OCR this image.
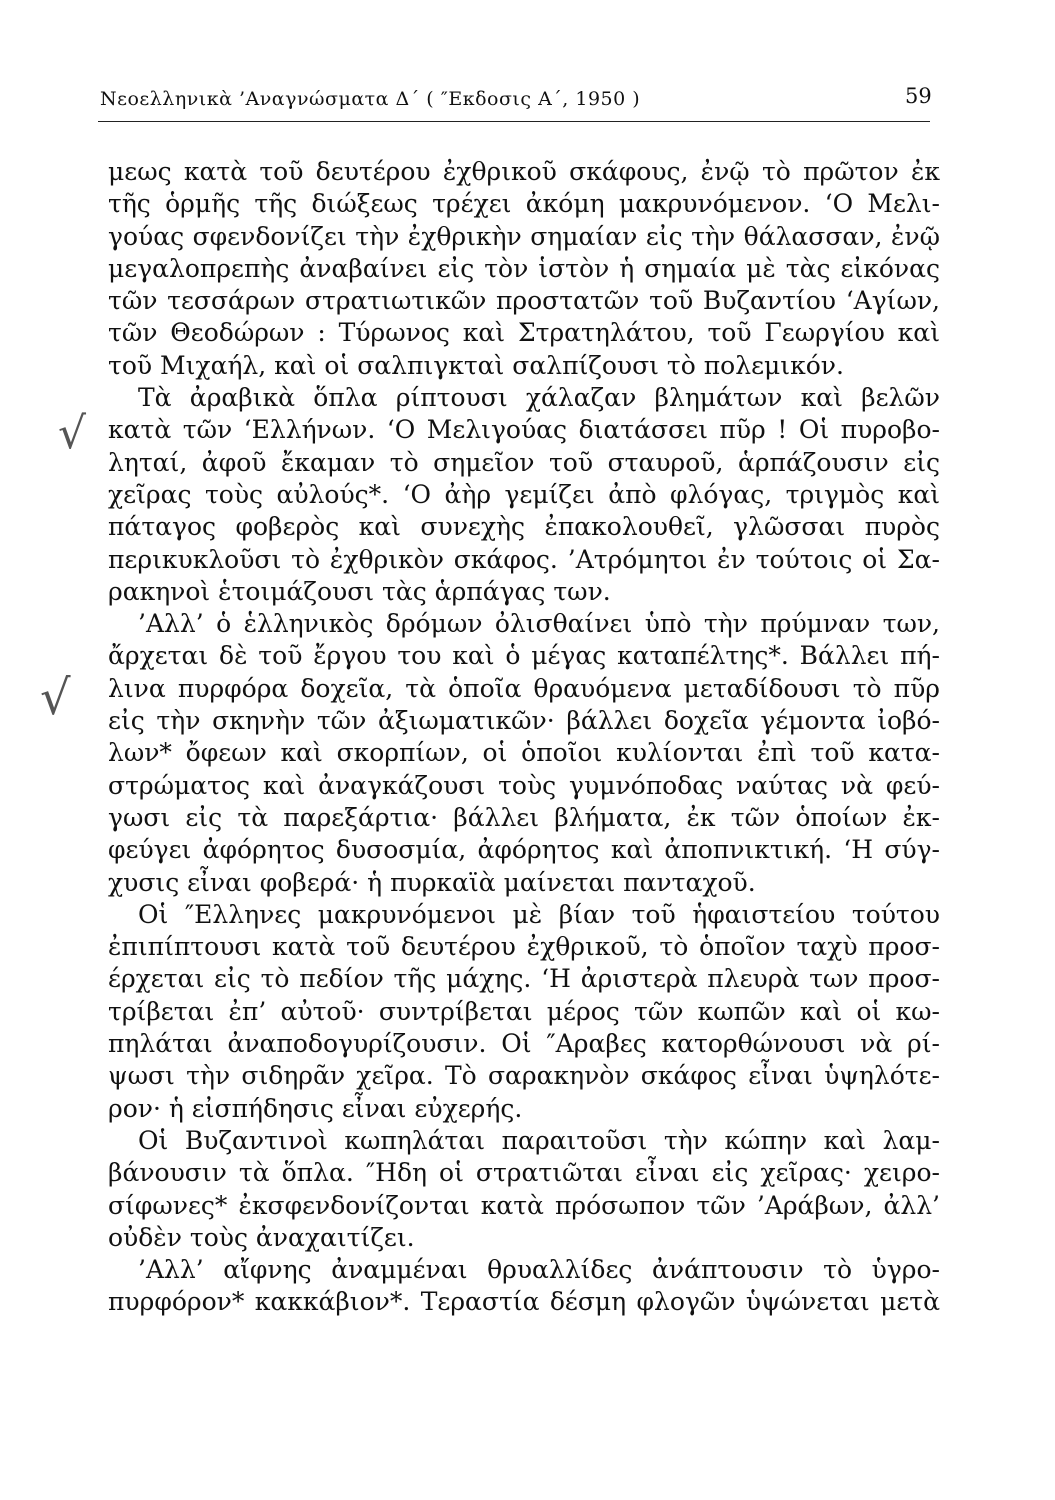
Νεοελληνικὰ ’Αναγνώσματα Δ΄ ( ″Εκδοσις Α΄, 1950 )	59
√
√
μεως κατὰ τοῦ δευτέρου ἐχθρικοῦ σκάφους, ἐνῷ τὸ πρῶτον ἐκ
τῆς ὁρμῆς τῆς διώξεως τρέχει ἀκόμη μακρυνόμενον. ‘Ο Μελι-
γούας σφενδονίζει τὴν ἐχθρικὴν σημαίαν εἰς τὴν θάλασσαν, ἐνῷ
μεγαλοπρεπὴς ἀναβαίνει εἰς τὸν ἱστὸν ἡ σημαία μὲ τὰς εἰκόνας
τῶν τεσσάρων στρατιωτικῶν προστατῶν τοῦ Βυζαντίου ‘Αγίων,
τῶν Θεοδώρων : Τύρωνος καὶ Στρατηλάτου, τοῦ Γεωργίου καὶ
τοῦ Μιχαήλ, καὶ οἱ σαλπιγκταὶ σαλπίζουσι τὸ πολεμικόν.
Τὰ ἀραβικὰ ὅπλα ρίπτουσι χάλαζαν βλημάτων καὶ βελῶν
κατὰ τῶν ‘Ελλήνων. ‘Ο Μελιγούας διατάσσει πῦρ ! Οἱ πυροβο-
ληταί, ἀφοῦ ἔκαμαν τὸ σημεῖον τοῦ σταυροῦ, ἁρπάζουσιν εἰς
χεῖρας τοὺς αὐλούς*. ‘Ο ἀὴρ γεμίζει ἀπὸ φλόγας, τριγμὸς καὶ
πάταγος φοβερὸς καὶ συνεχὴς ἐπακολουθεῖ, γλῶσσαι πυρὸς
περικυκλοῦσι τὸ ἐχθρικὸν σκάφος. ’Ατρόμητοι ἐν τούτοις οἱ Σα-
ρακηνοὶ ἑτοιμάζουσι τὰς ἁρπάγας των.
’Αλλ’ ὁ ἑλληνικὸς δρόμων ὀλισθαίνει ὑπὸ τὴν πρύμναν των,
ἄρχεται δὲ τοῦ ἔργου του καὶ ὁ μέγας καταπέλτης*. Βάλλει πή-
λινα πυρφόρα δοχεῖα, τὰ ὁποῖα θραυόμενα μεταδίδουσι τὸ πῦρ
εἰς τὴν σκηνὴν τῶν ἀξιωματικῶν· βάλλει δοχεῖα γέμοντα ἰοβό-
λων* ὄφεων καὶ σκορπίων, οἱ ὁποῖοι κυλίονται ἐπὶ τοῦ κατα-
στρώματος καὶ ἀναγκάζουσι τοὺς γυμνόποδας ναύτας νὰ φεύ-
γωσι εἰς τὰ παρεξάρτια· βάλλει βλήματα, ἐκ τῶν ὁποίων ἐκ-
φεύγει ἀφόρητος δυσοσμία, ἀφόρητος καὶ ἀποπνικτική. ‘Η σύγ-
χυσις εἶναι φοβερά· ἡ πυρκαϊὰ μαίνεται πανταχοῦ.
Οἱ ″Ελληνες μακρυνόμενοι μὲ βίαν τοῦ ἡφαιστείου τούτου
ἐπιπίπτουσι κατὰ τοῦ δευτέρου ἐχθρικοῦ, τὸ ὁποῖον ταχὺ προσ-
έρχεται εἰς τὸ πεδίον τῆς μάχης. ‘Η ἀριστερὰ πλευρὰ των προσ-
τρίβεται ἐπ’ αὐτοῦ· συντρίβεται μέρος τῶν κωπῶν καὶ οἱ κω-
πηλάται ἀναποδογυρίζουσιν. Οἱ ″Αραβες κατορθώνουσι νὰ ρί-
ψωσι τὴν σιδηρᾶν χεῖρα. Τὸ σαρακηνὸν σκάφος εἶναι ὑψηλότε-
ρον· ἡ εἰσπήδησις εἶναι εὐχερής.
Οἱ Βυζαντινοὶ κωπηλάται παραιτοῦσι τὴν κώπην καὶ λαμ-
βάνουσιν τὰ ὅπλα. ″Ηδη οἱ στρατιῶται εἶναι εἰς χεῖρας· χειρο-
σίφωνες* ἐκσφενδονίζονται κατὰ πρόσωπον τῶν ’Αράβων, ἀλλ’
οὐδὲν τοὺς ἀναχαιτίζει.
’Αλλ’ αἴφνης ἀναμμέναι θρυαλλίδες ἀνάπτουσιν τὸ ὑγρο-
πυρφόρον* κακκάβιον*. Τεραστία δέσμη φλογῶν ὑψώνεται μετὰ
